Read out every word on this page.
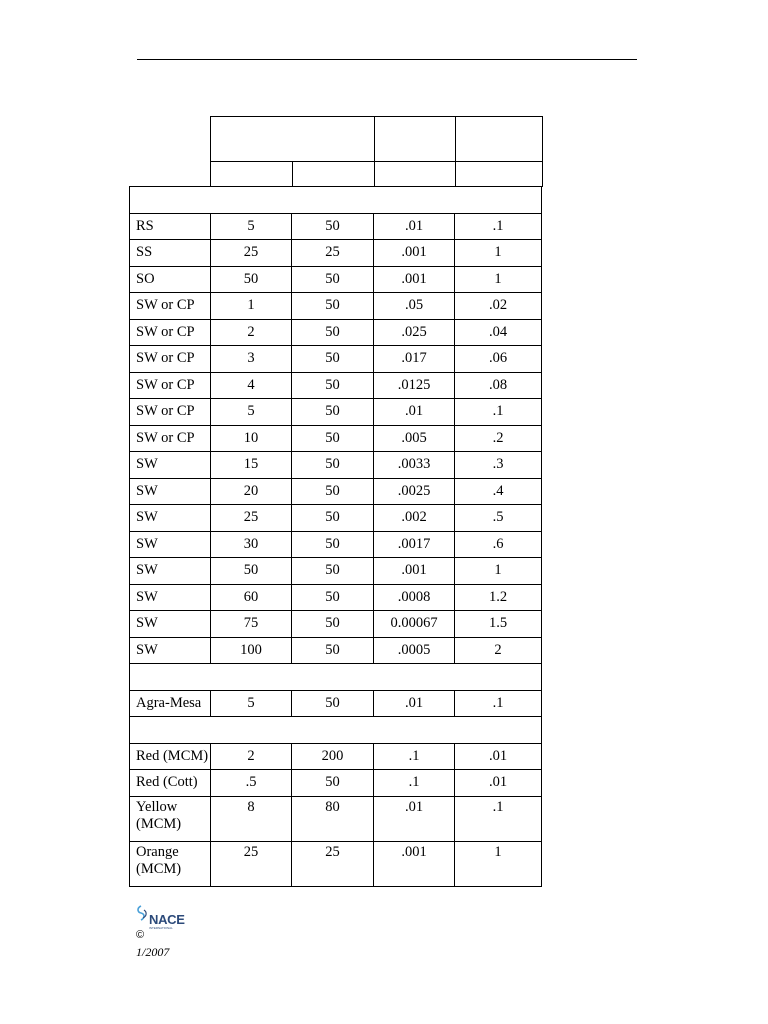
RS	5	50	.01	.1
SS	25	25	.001	1
SO	50	50	.001	1
SW or CP	1	50	.05	.02
SW or CP	2	50	.025	.04
SW or CP	3	50	.017	.06
SW or CP	4	50	.0125	.08
SW or CP	5	50	.01	.1
SW or CP	10	50	.005	.2
SW	15	50	.0033	.3
SW	20	50	.0025	.4
SW	25	50	.002	.5
SW	30	50	.0017	.6
SW	50	50	.001	1
SW	60	50	.0008	1.2
SW	75	50	0.00067	1.5
SW	100	50	.0005	2

Agra-Mesa	5	50	.01	.1

Red (MCM)	2	200	.1	.01
Red (Cott)	.5	50	.1	.01
Yellow (MCM)	8	80	.01	.1
Orange (MCM)	25	25	.001	1
NACE
INTERNATIONAL
©
1/2007
